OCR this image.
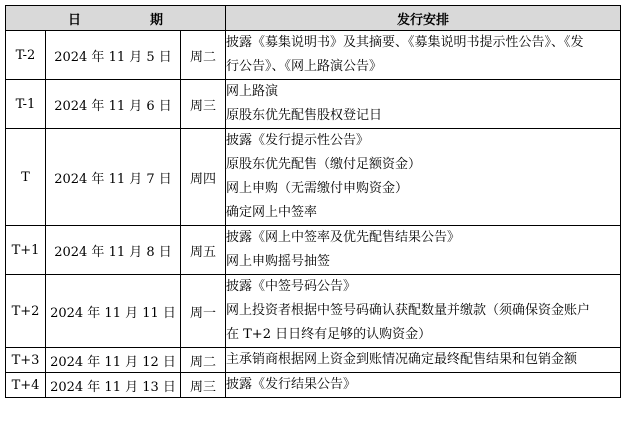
日　期			发行安排
T-2	2024 年 11 月 5 日	周二	披露《募集说明书》及其摘要、《募集说明书提示性公告》、《发
行公告》、《网上路演公告》

T-1	2024 年 11 月 6 日	周三	网上路演
原股东优先配售股权登记日

T	2024 年 11 月 7 日	周四	披露《发行提示性公告》
原股东优先配售（缴付足额资金）
网上申购（无需缴付申购资金）
确定网上中签率

T+1	2024 年 11 月 8 日	周五	披露《网上中签率及优先配售结果公告》
网上申购摇号抽签

T+2	2024 年 11 月 11 日	周一	披露《中签号码公告》
网上投资者根据中签号码确认获配数量并缴款（须确保资金账户
在 T+2 日日终有足够的认购资金）

T+3	2024 年 11 月 12 日	周二	主承销商根据网上资金到账情况确定最终配售结果和包销金额

T+4	2024 年 11 月 13 日	周三	披露《发行结果公告》
